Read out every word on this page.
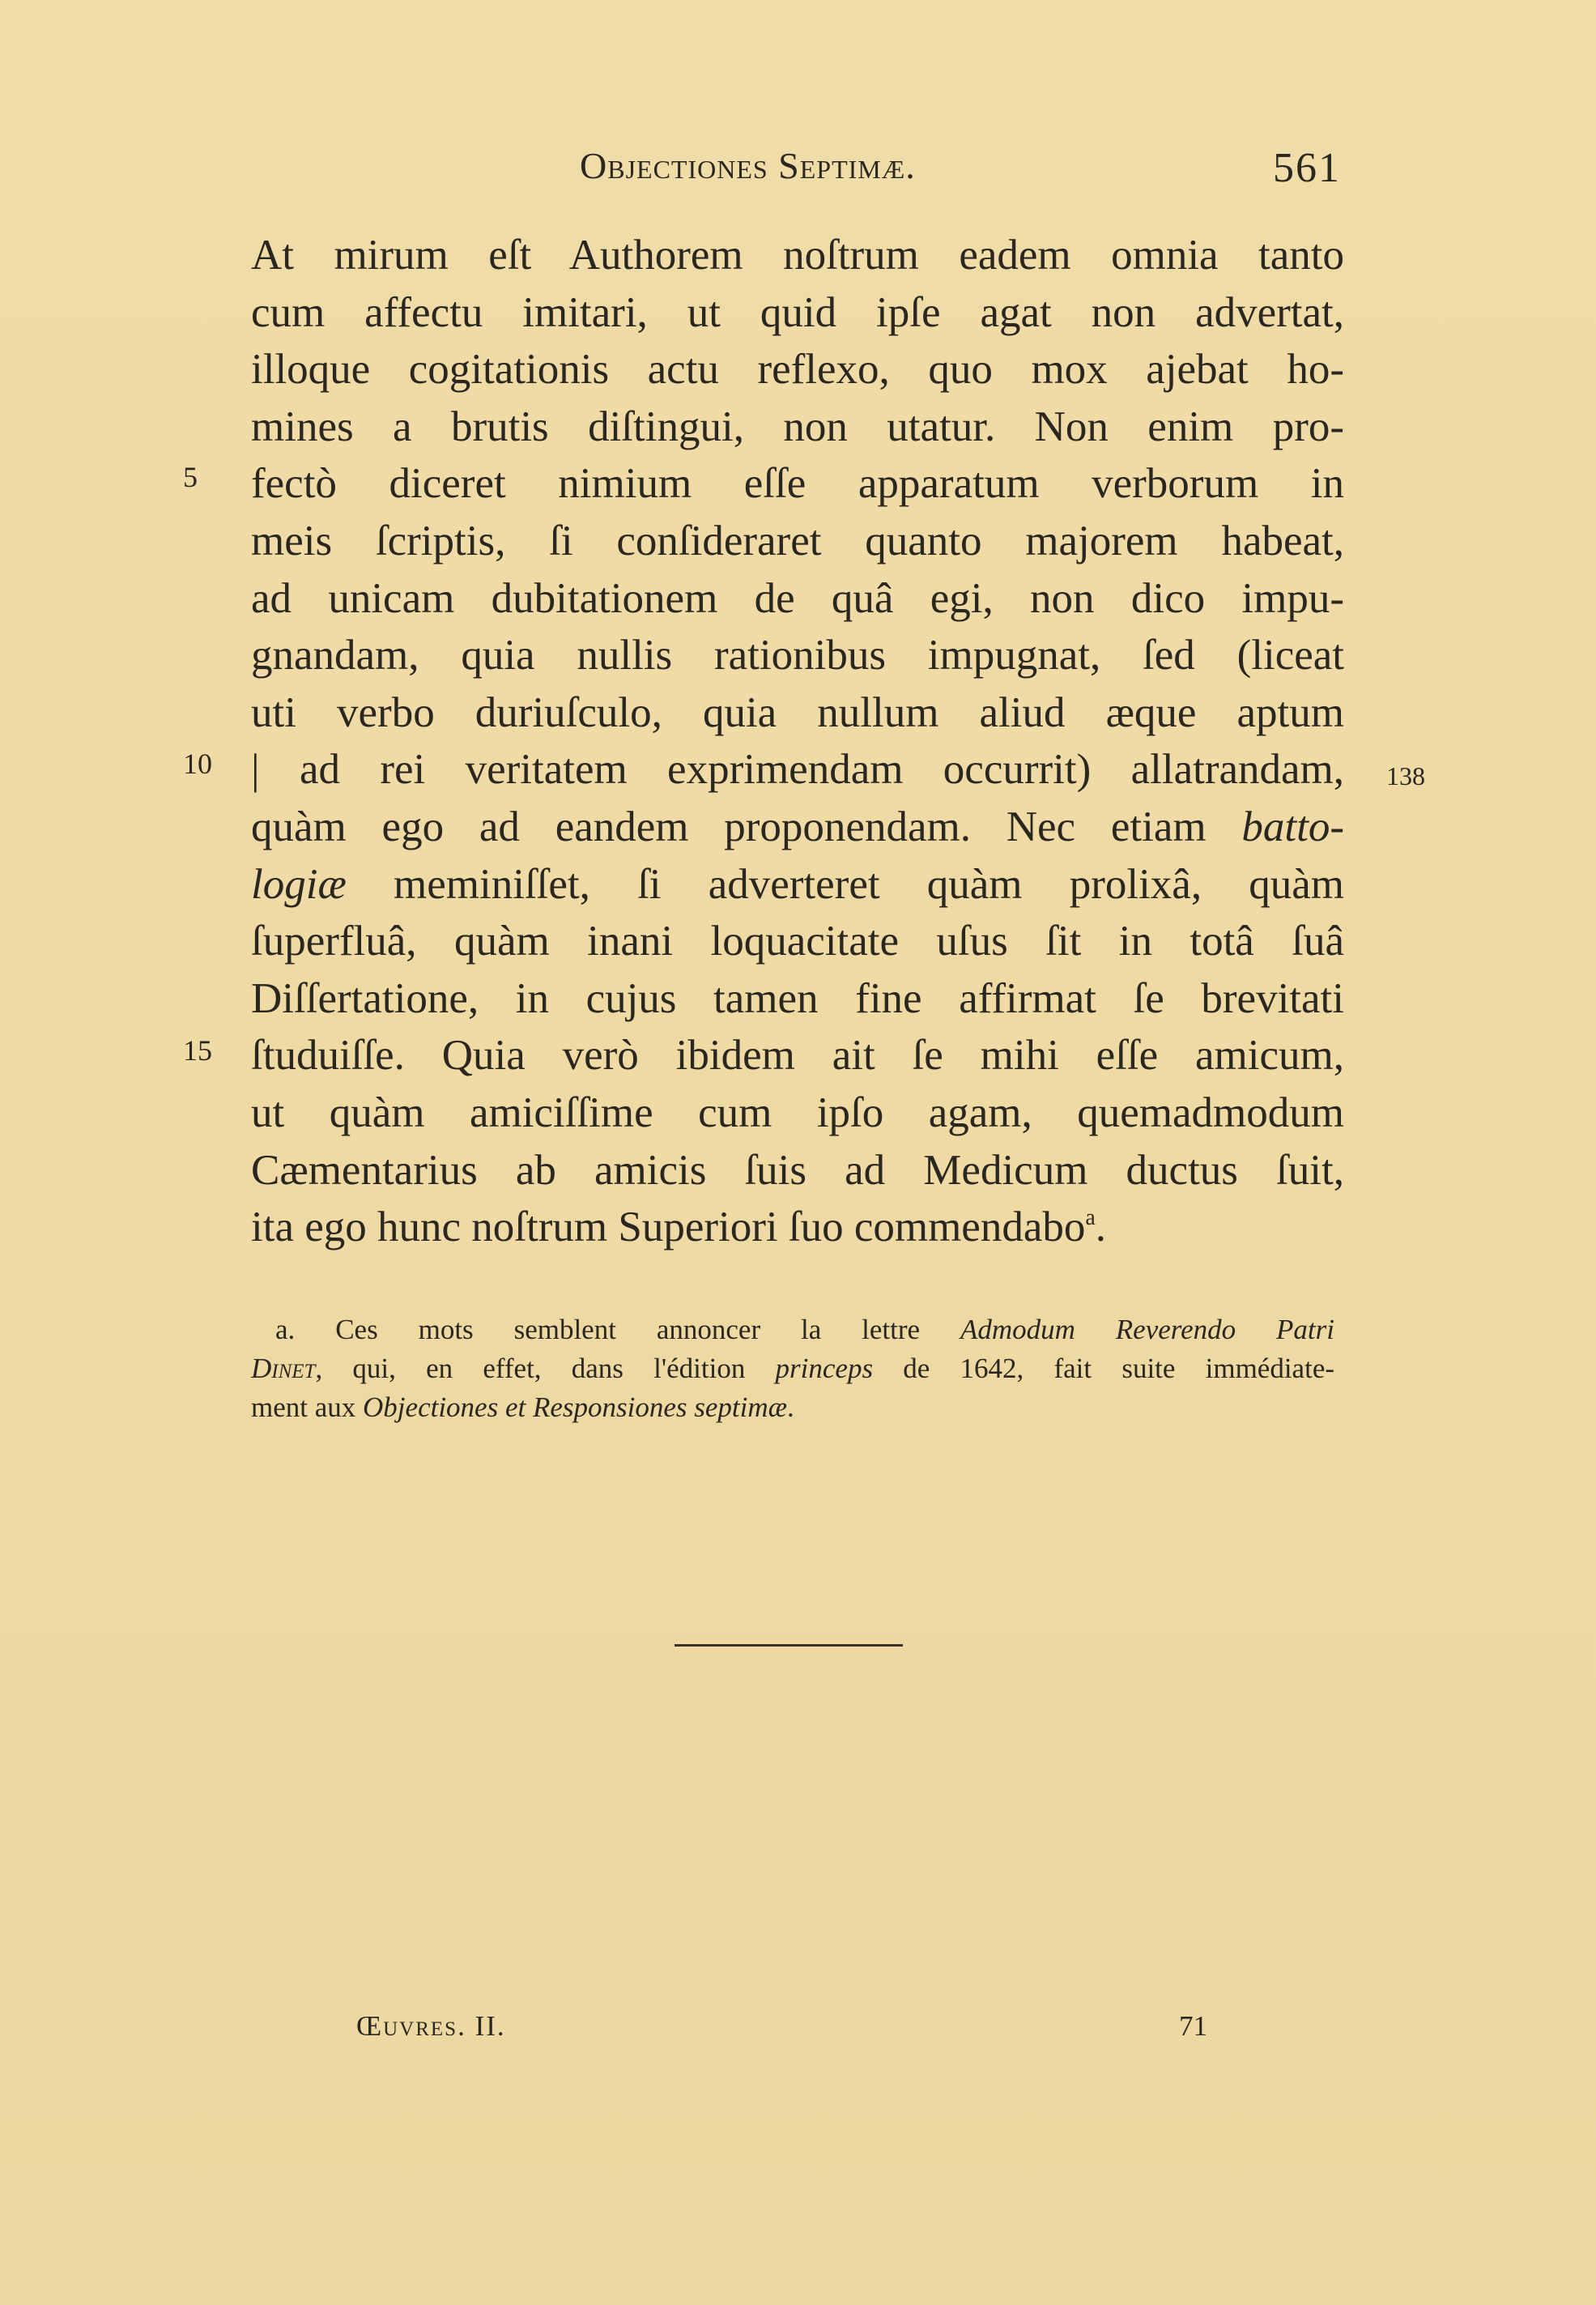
Objectiones Septimæ.	561
At mirum eſt Authorem noſtrum eadem omnia tanto
cum affectu imitari, ut quid ipſe agat non advertat,
illoque cogitationis actu reflexo, quo mox ajebat ho-
mines a brutis diſtingui, non utatur. Non enim pro-
fectò diceret nimium eſſe apparatum verborum in
meis ſcriptis, ſi conſideraret quanto majorem habeat,
ad unicam dubitationem de quâ egi, non dico impu-
gnandam, quia nullis rationibus impugnat, ſed (liceat
uti verbo duriuſculo, quia nullum aliud æque aptum
| ad rei veritatem exprimendam occurrit) allatrandam,
quàm ego ad eandem proponendam. Nec etiam batto-
logiæ meminiſſet, ſi adverteret quàm prolixâ, quàm
ſuperfluâ, quàm inani loquacitate uſus ſit in totâ ſuâ
Diſſertatione, in cujus tamen fine affirmat ſe brevitati
ſtuduiſſe. Quia verò ibidem ait ſe mihi eſſe amicum,
ut quàm amiciſſime cum ipſo agam, quemadmodum
Cæmentarius ab amicis ſuis ad Medicum ductus ſuit,
ita ego hunc noſtrum Superiori ſuo commendabo$^a$.
5
10
15
138
a. Ces mots semblent annoncer la lettre Admodum Reverendo Patri
Dinet, qui, en effet, dans l'édition princeps de 1642, fait suite immédiate-
ment aux Objectiones et Responsiones septimæ.
Œuvres. II.	71
